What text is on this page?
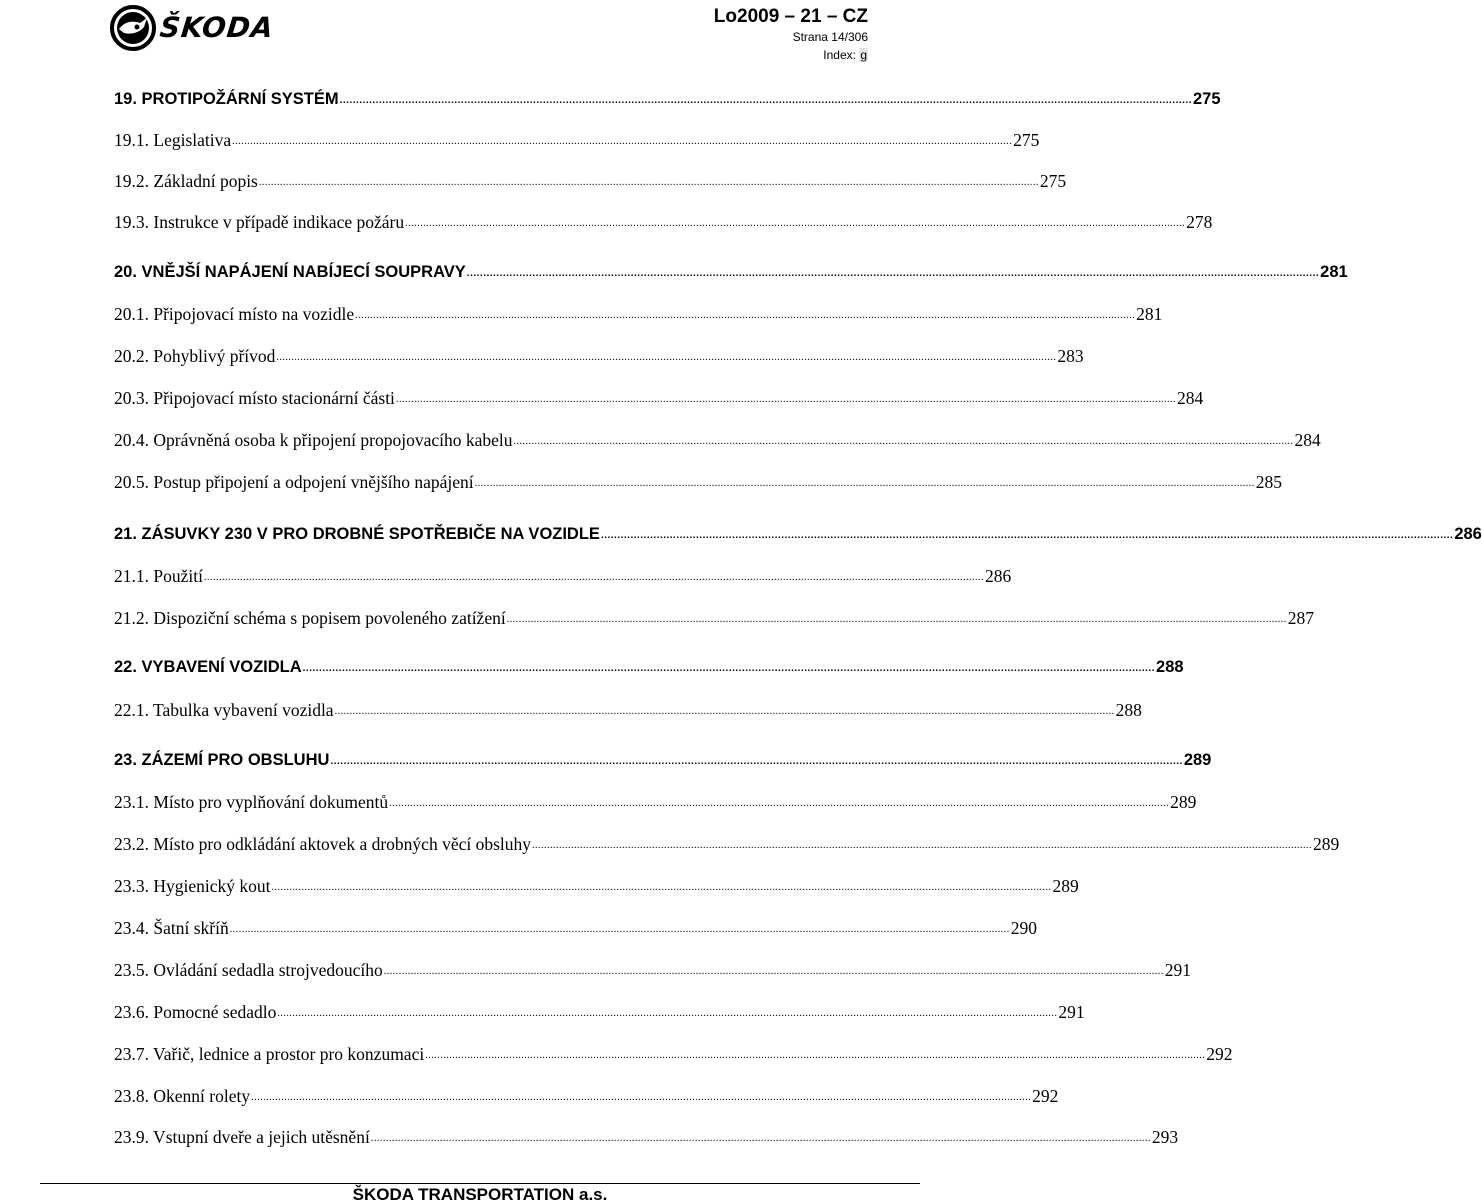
ŠKODA	Lo2009 – 21 – CZ
Strana 14/306
Index: g
19. PROTIPOŽÁRNÍ SYSTÉM .................................................................................................................................................................................................................................................................... 275
19.1. Legislativa .................................................................................................................................................................................................................................................................... 275
19.2. Základní popis .................................................................................................................................................................................................................................................................... 275
19.3. Instrukce v případě indikace požáru .................................................................................................................................................................................................................................................................... 278
20. VNĚJŠÍ NAPÁJENÍ NABÍJECÍ SOUPRAVY .................................................................................................................................................................................................................................................................... 281
20.1. Připojovací místo na vozidle .................................................................................................................................................................................................................................................................... 281
20.2. Pohyblivý přívod .................................................................................................................................................................................................................................................................... 283
20.3. Připojovací místo stacionární části .................................................................................................................................................................................................................................................................... 284
20.4. Oprávněná osoba k připojení propojovacího kabelu .................................................................................................................................................................................................................................................................... 284
20.5. Postup připojení a odpojení vnějšího napájení .................................................................................................................................................................................................................................................................... 285
21. ZÁSUVKY 230 V PRO DROBNÉ SPOTŘEBIČE NA VOZIDLE .................................................................................................................................................................................................................................................................... 286
21.1. Použití .................................................................................................................................................................................................................................................................... 286
21.2. Dispoziční schéma s popisem povoleného zatížení .................................................................................................................................................................................................................................................................... 287
22. VYBAVENÍ VOZIDLA .................................................................................................................................................................................................................................................................... 288
22.1. Tabulka vybavení vozidla .................................................................................................................................................................................................................................................................... 288
23. ZÁZEMÍ PRO OBSLUHU .................................................................................................................................................................................................................................................................... 289
23.1. Místo pro vyplňování dokumentů .................................................................................................................................................................................................................................................................... 289
23.2. Místo pro odkládání aktovek a drobných věcí obsluhy .................................................................................................................................................................................................................................................................... 289
23.3. Hygienický kout .................................................................................................................................................................................................................................................................... 289
23.4. Šatní skříň .................................................................................................................................................................................................................................................................... 290
23.5. Ovládání sedadla strojvedoucího .................................................................................................................................................................................................................................................................... 291
23.6. Pomocné sedadlo .................................................................................................................................................................................................................................................................... 291
23.7. Vařič, lednice a prostor pro konzumaci .................................................................................................................................................................................................................................................................... 292
23.8. Okenní rolety .................................................................................................................................................................................................................................................................... 292
23.9. Vstupní dveře a jejich utěsnění .................................................................................................................................................................................................................................................................... 293
ŠKODA TRANSPORTATION a.s.
